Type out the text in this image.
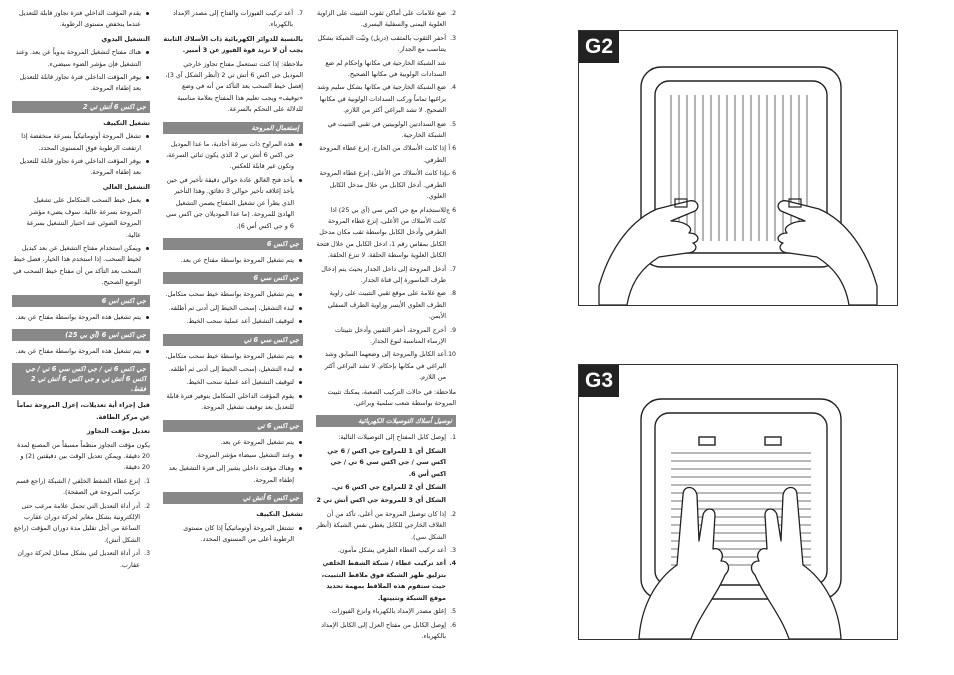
يقدم المؤقت الداخلي فترة تجاوز قابلة للتعديل عندما ينخفض مستوى الرطوبة.
التشغيل اليدوي
هناك مفتاح لتشغيل المروحة يدوياً عن بعد. وعند التشغيل فإن مؤشر الضوء سيضيء.
يوفر المؤقت الداخلي فترة تجاوز قابلة للتعديل بعد إطفاء المروحة.
جي اكس 6 أتش تي 2
تشغيل التكييف
تشغل المروحة أوتوماتيكياً بسرعة منخفضة إذا ارتفعت الرطوبة فوق المستوى المحدد.
يوفر المؤقت الداخلي فترة تجاوز قابلة للتعديل بعد إطفاء المروحة.
التشغيل العالي
يعمل خيط السحب المتكامل على تشغيل المروحة بسرعة عالية. سوف يضيء مؤشر المروحة الضوئي عند اختيار التشغيل بسرعة عالية.
ويمكن استخدام مفتاح التشغيل عن بعد كبديل لخيط السحب. إذا استخدم هذا الخيار، فصل خيط السحب بعد التأكد من أن مفتاح خيط السحب في الوضع الصحيح.
جي اكس اس 6
يتم تشغيل هذه المروحة بواسطة مفتاح عن بعد.
جي اكس اس 6 (آي بي 25)
يتم تشغيل هذه المروحة بواسطة مفتاح عن بعد.
جي اكس 6 تي / جي اكس سي 6 تي / جي اكس 6 أتش تي و جي اكس 6 أتش تي 2 فقط.

قبل إجراء أية تعديلات، إعزل المروحة تماماً عن مركز الطاقة.

تعديل مؤقت التجاوز

يكون مؤقت التجاوز منظماً مسبقاً من المصنع لمدة 20 دقيقة. ويمكن تعديل الوقت بين دقيقتين (2) و 20 دقيقة.

1.
إنزع غطاء الشفط الخلفي / الشبكة (راجع قسم تركيب المروحة في الصفحة).
2.
أدر أداة التعديل التي تحمل علامة مرعب حتى الإلكترونية بشكل مغاير لحركة دوران عقارب الساعة من أجل تقليل مدة دوران المؤقت (راجع الشكل أتش).
3.
أدر أداة التعديل لتي بشكل مماثل لحركة دوران عقارب.
7.
أعد تركيب الفيوزات والفتاح إلى مصدر الإمداد بالكهرباء.

بالنسبة للدوائر الكهربائية ذات الأسلاك الثابتة يجب أن لا تزيد قوة الفيوز عن 3 أمبير.

ملاحظة: إذا كنت تستعمل مفتاح تجاوز خارجي الموديل جي اكس 6 أتش تي 2 (أنظر الشكل آي 3)، إفصل خيط السحب بعد التأكد من أنه في وضع «توقيف» ويجب تعليم هذا المفتاح بعلامة مناسبة للدلالة على التحكم بالسرعة.

إستعمال المروحة
هذه المراوح ذات سرعة أحادية، ما عدا الموديل جي اكس 6 أتش تي 2 الذي يكون ثنائي السرعة، وتكون غير قابلة للعكس.
يأخذ فتح الغالق عادة حوالي دقيقة تأخير في حين يأخذ إغلاقه تأخير حوالي 3 دقائق. وهذا التأخير الذي يطرأ عن تشغيل المفتاح يضمن التشغيل الهادئ للمروحة. (ما عدا الموديلان جي اكس سي 6 و جي اكس أس 6).
جي اكس 6
يتم تشغيل المروحة بواسطة مفتاح عن بعد.
جي اكس سي 6
يتم تشغيل المروحة بواسطة خيط سحب متكامل.
لبدء التشغيل، إسحب الخيط إلى أدنى ثم أطلقه.
لتوقيف التشغيل أعد عملية سحب الخيط.
جي اكس سي 6 تي
يتم تشغيل المروحة بواسطة خيط سحب متكامل.
لبدء التشغيل، إسحب الخيط إلى أدنى ثم أطلقه.
لتوقيف التشغيل أعد عملية سحب الخيط.
يقوم المؤقت الداخلي المتكامل بتوفير فترة قابلة للتعديل بعد توقيف تشغيل المروحة.
جي اكس 6 تي
يتم تشغيل المروحة عن بعد.
وعند التشغيل سيضاء مؤشر المروحة.
وهناك مؤقت داخلي يشير إلى فترة التشغيل بعد إطفاء المروحة.
جي اكس 6 أتش تي
تشغيل التكييف
تشتغل المروحة أوتوماتيكياً إذا كان مستوى الرطوبة أعلى من المستوى المحدد.
2.
ضع علامات على أماكن ثقوب التثبيت على الزاوية العلوية اليمنى والسفلية اليسرى.
3.
أحفر الثقوب بالمثقب (دريل) وثبّت الشبكة بشكل يتناسب مع الجدار.
شد الشبكة الخارجية في مكانها وإحكام لم ضع السدادات الولوبية في مكانها الصحيح.
4.
ضع الشبكة الخارجية في مكانها بشكل سليم وشد براغيها تماماً وركب السدادات الولوبية في مكانها الصحيح. لا تشد البراغي أكثر من اللازم.
5.
ضع السدادتين الولوبيتين في ثقبي التثبيت في الشبكة الخارجية.
6 أ
إذا كانت الأسلاك من الخارج، إنزع غطاء المروحة الطرفي.
6 ب
إذا كانت الأسلاك من الأعلى، إنزع غطاء المروحة الطرفي. أدخل الكابل من خلال مدخل الكابل العلوي.
6 ج
للاستخدام مع جي اكس سي (آي بي 25) اذا كانت الأسلاك من الأعلى، إنزع غطاء المروحة الطرفي وأدخل الكابل بواسطة ثقب مكان مدخل الكابل بمقاس رقم 1، ادخل الكابل من خلال فتحة الكابل العلوية بواسطة الحلقة. لا تنزع الحلقة.
7.
أدخل المروحة إلى داخل الجدار بحيث يتم إدخال طرف الماسورة إلى قناة الجدار.
8.
ضع علامة على موقع ثقبي التثبيت على زاوية الطرف العلوي الأيسر وزاوية الطرف السفلي الأيمن.
9.
أخرج المروحة، أحفر الثقبين وأدخل تثبيتات الإرساء المناسبة لنوع الجدار.
10.
أعد الكابل والمروحة إلى وضعهما السابق وشد البراغي في مكانها بإحكام. لا تشد البراغي أكثر من اللازم.

ملاحظة: في حالات التركيب الصعبة، يمكنك تثبيت المروحة بواسطة شعب سلمية وبراغي.

توصيل أسلاك التوصيلات الكهربائية
1.
إوصل كابل المفتاح إلى التوصيلات التالية:
الشكل أي 1 للمراوح جي اكس / 6 جي اكس سي / جي اكس سي 6 تي / جي اكس أس 6.
الشكل أي 2 للمراوح جي اكس 6 تي.
الشكل أي 3 للمروحة جي اكس أتش تي 2
2.
إذا كان توصيل المروحة من أعلى، تأكد من أن الغلاف الخارجي للكابل يغطي نفس الشبكة (أنظر الشكل سي).
3.
أعد تركيب الغطاء الطرفي بشكل مأمون.
4.
أعد تركيب غطاء / شبكة الشفط الخلفي بتزليق ظهر الشبكة فوق ملاقط التثبيت، حيث ستقوم هذه الملاقط بمهمة تحديد موقع الشبكة وتثبيتها.
5.
إغلق مصدر الإمداد بالكهرباء وانزع الفيوزات.
6.
إوصل الكابل من مفتاح العزل إلى الكابل الإمداد بالكهرباء.
G2
G3
